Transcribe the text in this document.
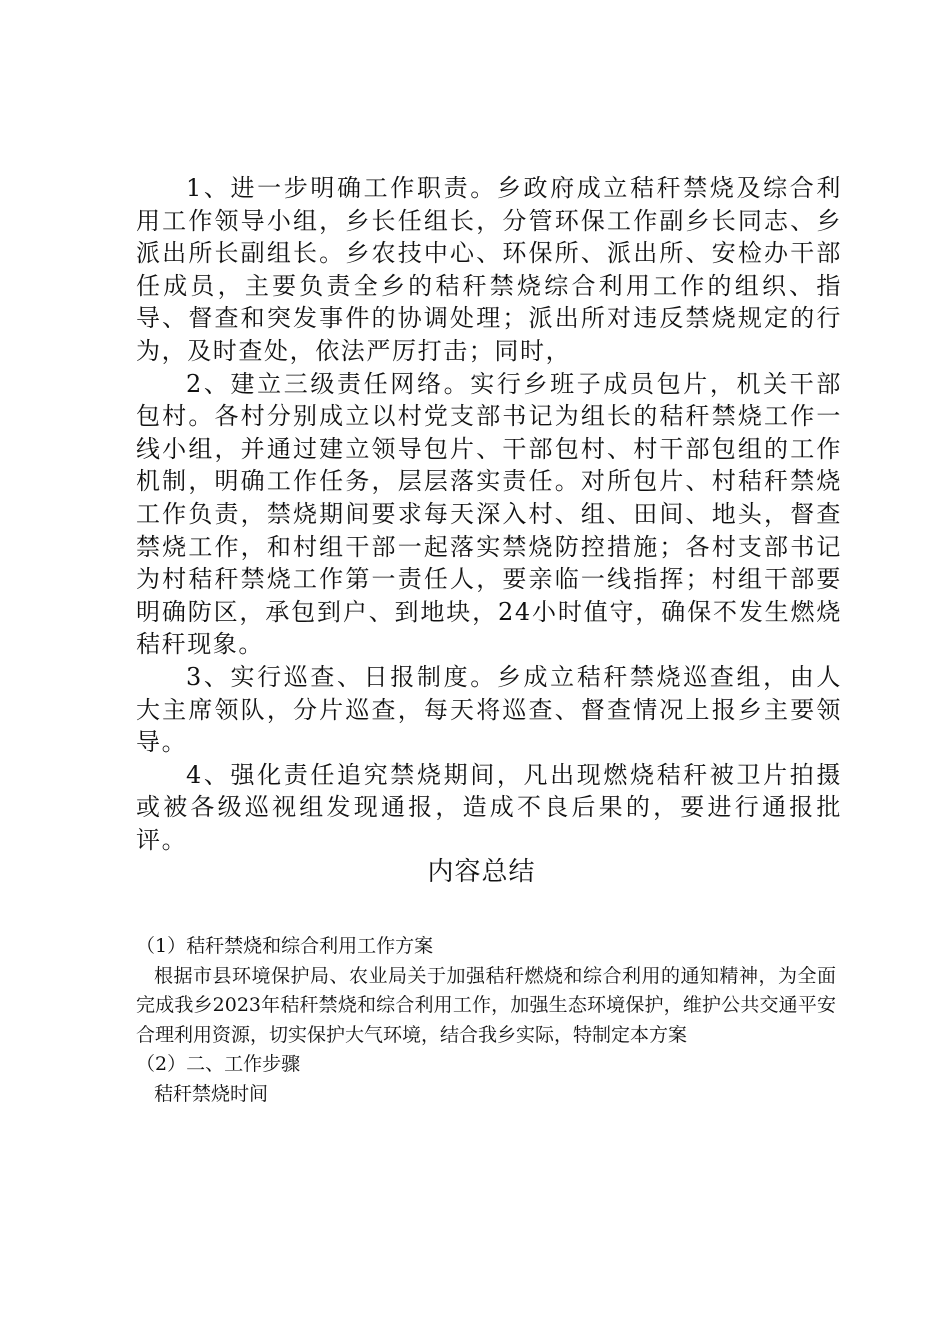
1、进一步明确工作职责。乡政府成立秸秆禁烧及综合利用工作领导小组，乡长任组长，分管环保工作副乡长同志、乡派出所长副组长。乡农技中心、环保所、派出所、安检办干部任成员，主要负责全乡的秸秆禁烧综合利用工作的组织、指导、督查和突发事件的协调处理；派出所对违反禁烧规定的行为，及时查处，依法严厉打击；同时，

2、建立三级责任网络。实行乡班子成员包片，机关干部包村。各村分别成立以村党支部书记为组长的秸秆禁烧工作一线小组，并通过建立领导包片、干部包村、村干部包组的工作机制，明确工作任务，层层落实责任。对所包片、村秸秆禁烧工作负责，禁烧期间要求每天深入村、组、田间、地头，督查禁烧工作，和村组干部一起落实禁烧防控措施；各村支部书记为村秸秆禁烧工作第一责任人，要亲临一线指挥；村组干部要明确防区，承包到户、到地块，24小时值守，确保不发生燃烧秸秆现象。

3、实行巡查、日报制度。乡成立秸秆禁烧巡查组，由人大主席领队，分片巡查，每天将巡查、督查情况上报乡主要领导。

4、强化责任追究禁烧期间，凡出现燃烧秸秆被卫片拍摄或被各级巡视组发现通报，造成不良后果的，要进行通报批评。

内容总结

（1）秸秆禁烧和综合利用工作方案

根据市县环境保护局、农业局关于加强秸秆燃烧和综合利用的通知精神，为全面完成我乡2023年秸秆禁烧和综合利用工作，加强生态环境保护，维护公共交通平安合理利用资源，切实保护大气环境，结合我乡实际，特制定本方案

（2）二、工作步骤

秸秆禁烧时间
